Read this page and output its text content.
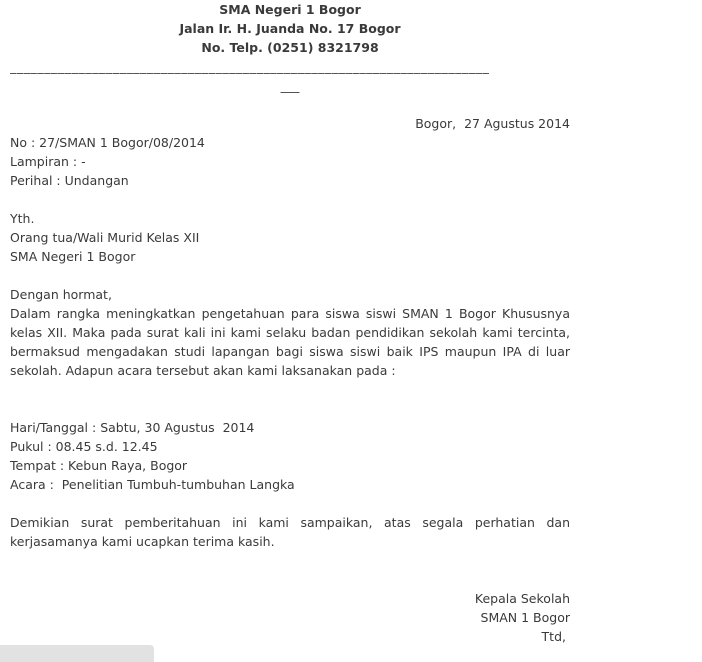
SMA Negeri 1 Bogor
Jalan Ir. H. Juanda No. 17 Bogor
No. Telp. (0251) 8321798
______________________________________________________________________
___
Bogor,  27 Agustus 2014
No : 27/SMAN 1 Bogor/08/2014
Lampiran : -
Perihal : Undangan
Yth.
Orang tua/Wali Murid Kelas XII
SMA Negeri 1 Bogor
Dengan hormat,
Dalam rangka meningkatkan pengetahuan para siswa siswi SMAN 1 Bogor Khususnya kelas XII. Maka pada surat kali ini kami selaku badan pendidikan sekolah kami tercinta, bermaksud mengadakan studi lapangan bagi siswa siswi baik IPS maupun IPA di luar sekolah. Adapun acara tersebut akan kami laksanakan pada :
Hari/Tanggal : Sabtu, 30 Agustus  2014
Pukul : 08.45 s.d. 12.45
Tempat : Kebun Raya, Bogor
Acara :  Penelitian Tumbuh-tumbuhan Langka
Demikian surat pemberitahuan ini kami sampaikan, atas segala perhatian dan kerjasamanya kami ucapkan terima kasih.
Kepala Sekolah
SMAN 1 Bogor
Ttd,
